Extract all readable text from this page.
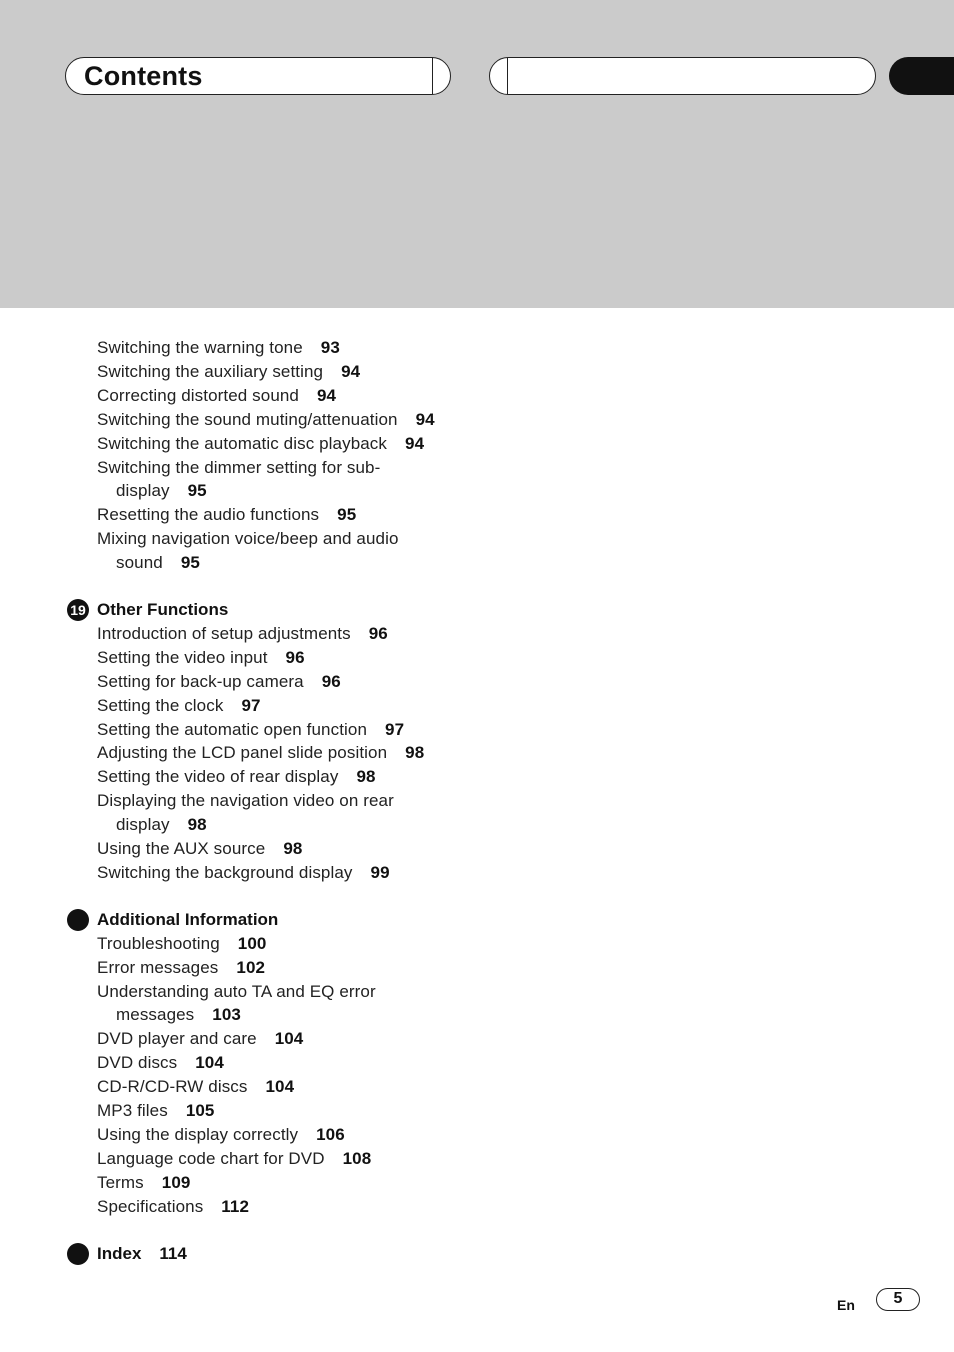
Contents
Switching the warning tone 93
Switching the auxiliary setting 94
Correcting distorted sound 94
Switching the sound muting/attenuation 94
Switching the automatic disc playback 94
Switching the dimmer setting for sub-
display 95
Resetting the audio functions 95
Mixing navigation voice/beep and audio
sound 95
19 Other Functions
Introduction of setup adjustments 96
Setting the video input 96
Setting for back-up camera 96
Setting the clock 97
Setting the automatic open function 97
Adjusting the LCD panel slide position 98
Setting the video of rear display 98
Displaying the navigation video on rear
display 98
Using the AUX source 98
Switching the background display 99
Additional Information
Troubleshooting 100
Error messages 102
Understanding auto TA and EQ error
messages 103
DVD player and care 104
DVD discs 104
CD-R/CD-RW discs 104
MP3 files 105
Using the display correctly 106
Language code chart for DVD 108
Terms 109
Specifications 112
Index 114
En	5
